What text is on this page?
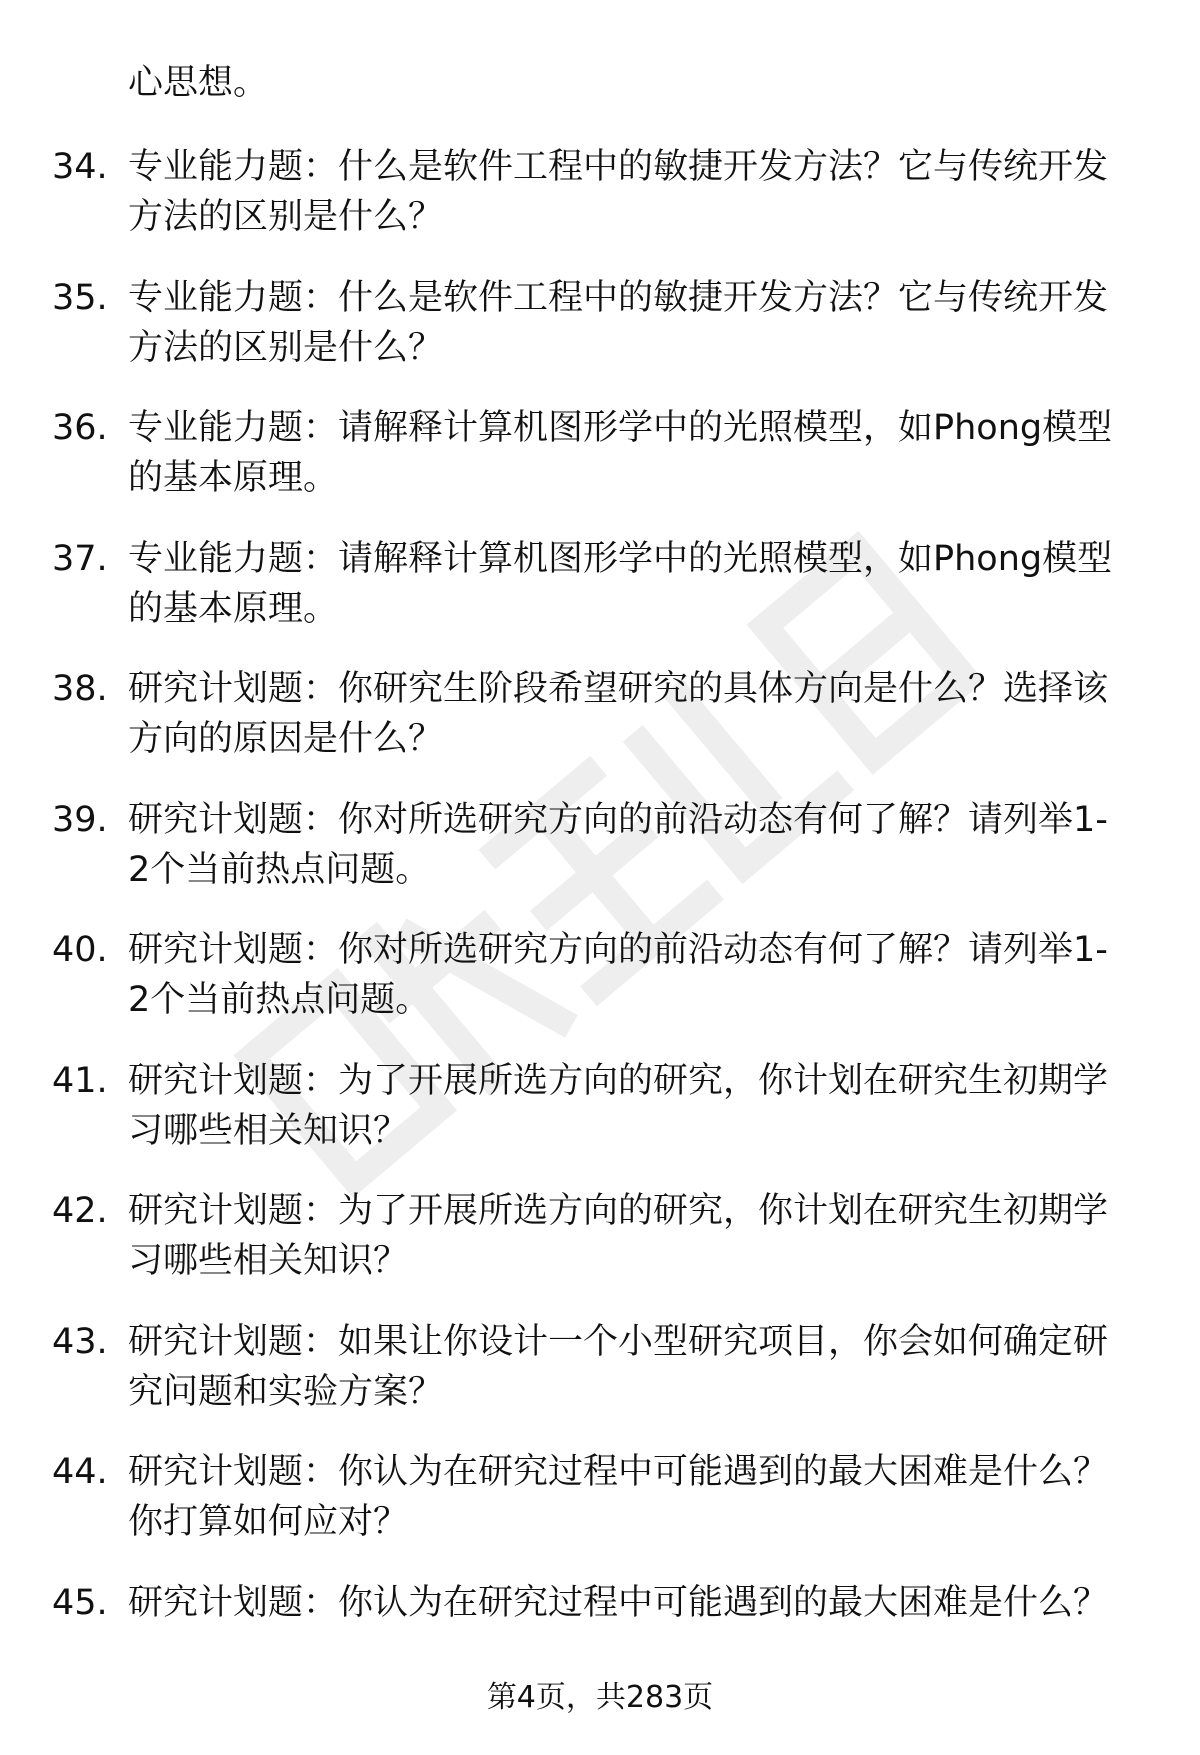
心思想。
34. 专业能力题：什么是软件工程中的敏捷开发方法？它与传统开发
方法的区别是什么？
35. 专业能力题：什么是软件工程中的敏捷开发方法？它与传统开发
方法的区别是什么？
36. 专业能力题：请解释计算机图形学中的光照模型，如Phong模型
的基本原理。
37. 专业能力题：请解释计算机图形学中的光照模型，如Phong模型
的基本原理。
38. 研究计划题：你研究生阶段希望研究的具体方向是什么？选择该
方向的原因是什么？
39. 研究计划题：你对所选研究方向的前沿动态有何了解？请列举1-
2个当前热点问题。
40. 研究计划题：你对所选研究方向的前沿动态有何了解？请列举1-
2个当前热点问题。
41. 研究计划题：为了开展所选方向的研究，你计划在研究生初期学
习哪些相关知识？
42. 研究计划题：为了开展所选方向的研究，你计划在研究生初期学
习哪些相关知识？
43. 研究计划题：如果让你设计一个小型研究项目，你会如何确定研
究问题和实验方案？
44. 研究计划题：你认为在研究过程中可能遇到的最大困难是什么？
你打算如何应对？
45. 研究计划题：你认为在研究过程中可能遇到的最大困难是什么？
第4页，共283页
